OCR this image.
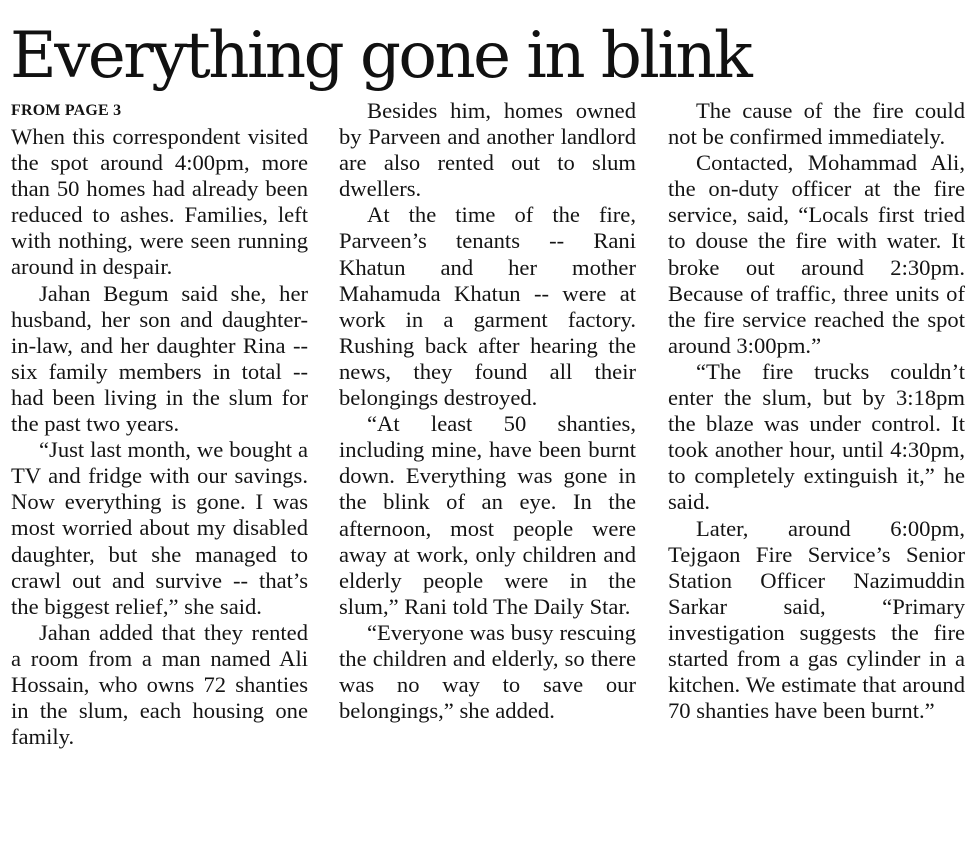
Everything gone in blink
FROM PAGE 3

When this correspondent visited the spot around 4:00pm, more than 50 homes had already been reduced to ashes. Families, left with nothing, were seen running around in despair.

Jahan Begum said she, her husband, her son and daughter-in-law, and her daughter Rina -- six family members in total -- had been living in the slum for the past two years.

“Just last month, we bought a TV and fridge with our savings. Now everything is gone. I was most worried about my disabled daughter, but she managed to crawl out and survive -- that’s the biggest relief,” she said.

Jahan added that they rented a room from a man named Ali Hossain, who owns 72 shanties in the slum, each housing one family.

Besides him, homes owned by Parveen and another landlord are also rented out to slum dwellers.

At the time of the fire, Parveen’s tenants -- Rani Khatun and her mother Mahamuda Khatun -- were at work in a garment factory. Rushing back after hearing the news, they found all their belongings destroyed.

“At least 50 shanties, including mine, have been burnt down. Everything was gone in the blink of an eye. In the afternoon, most people were away at work, only children and elderly people were in the slum,” Rani told The Daily Star.

“Everyone was busy rescuing the children and elderly, so there was no way to save our belongings,” she added.

The cause of the fire could not be confirmed immediately.

Contacted, Mohammad Ali, the on-duty officer at the fire service, said, “Locals first tried to douse the fire with water. It broke out around 2:30pm. Because of traffic, three units of the fire service reached the spot around 3:00pm.”

“The fire trucks couldn’t enter the slum, but by 3:18pm the blaze was under control. It took another hour, until 4:30pm, to completely extinguish it,” he said.

Later, around 6:00pm, Tejgaon Fire Service’s Senior Station Officer Nazimuddin Sarkar said, “Primary investigation suggests the fire started from a gas cylinder in a kitchen. We estimate that around 70 shanties have been burnt.”
